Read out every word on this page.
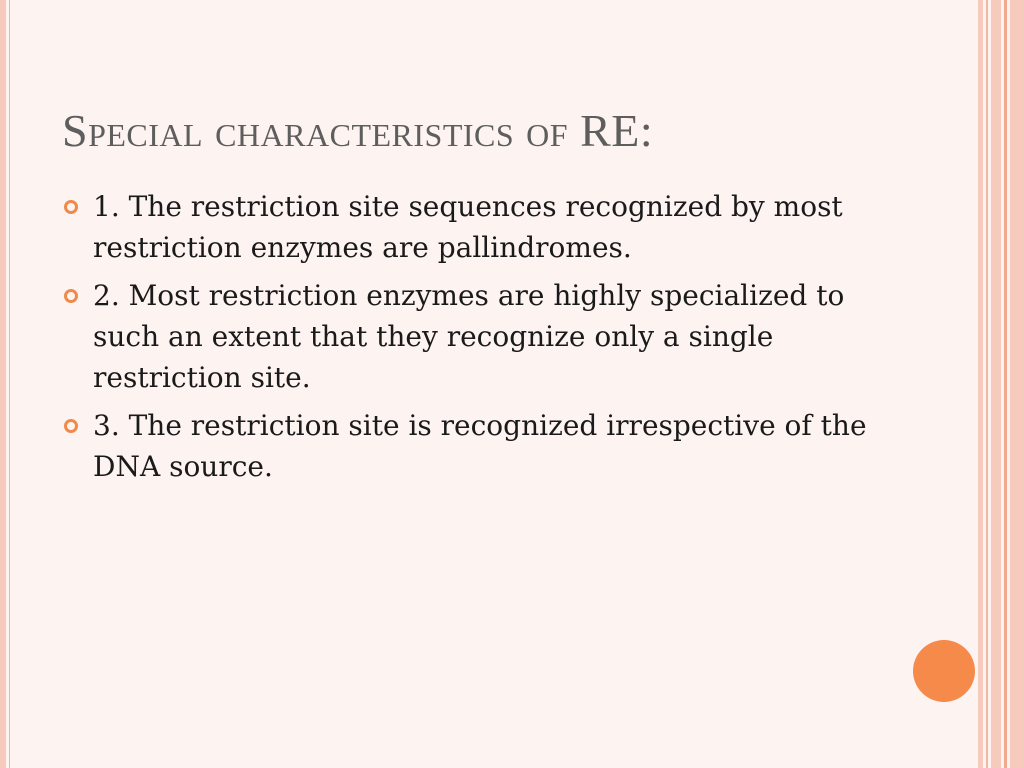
Special characteristics of RE:
1. The restriction site sequences recognized by most restriction enzymes are pallindromes.
2. Most restriction enzymes are highly specialized to such an extent that they recognize only a single restriction site.
3. The restriction site is recognized irrespective of the DNA source.
